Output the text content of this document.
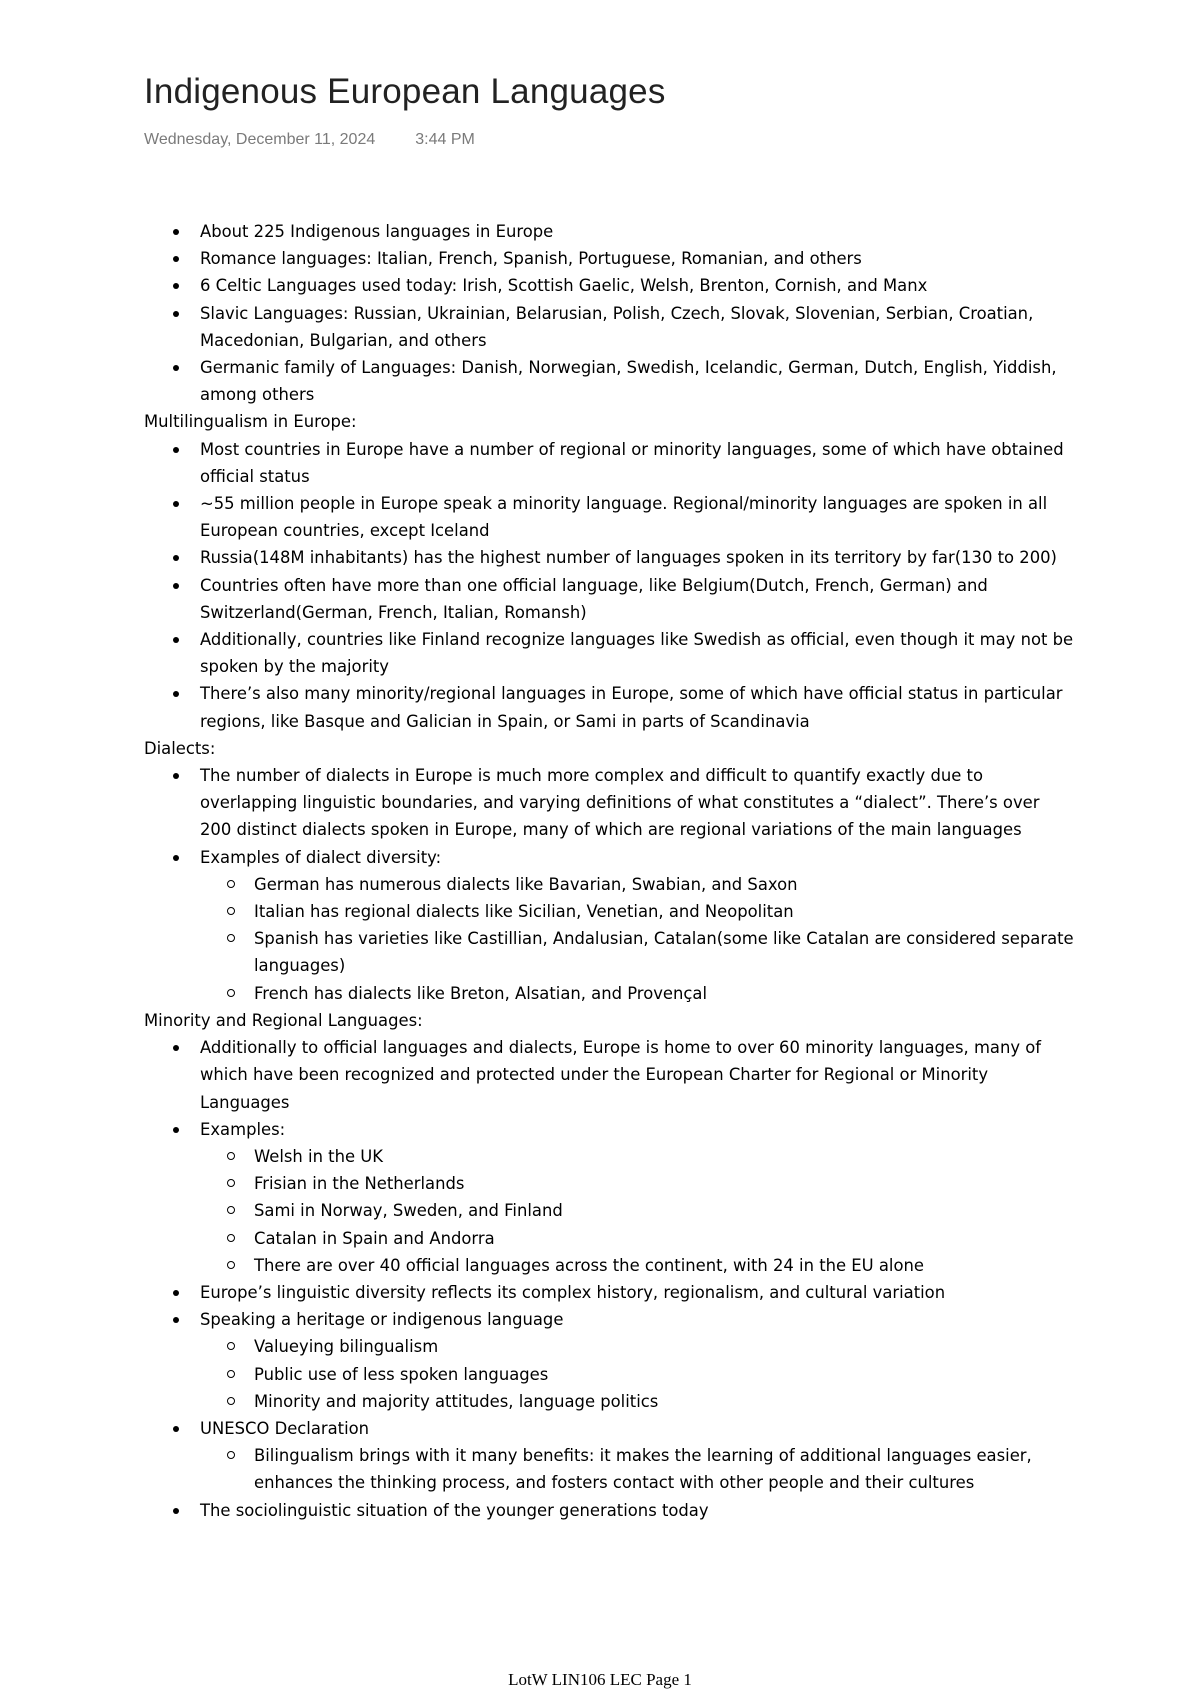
Indigenous European Languages
Wednesday, December 11, 2024	3:44 PM
About 225 Indigenous languages in Europe
Romance languages: Italian, French, Spanish, Portuguese, Romanian, and others
6 Celtic Languages used today: Irish, Scottish Gaelic, Welsh, Brenton, Cornish, and Manx
Slavic Languages: Russian, Ukrainian, Belarusian, Polish, Czech, Slovak, Slovenian, Serbian, Croatian, Macedonian, Bulgarian, and others
Germanic family of Languages: Danish, Norwegian, Swedish, Icelandic, German, Dutch, English, Yiddish, among others

Multilingualism in Europe:

Most countries in Europe have a number of regional or minority languages, some of which have obtained official status
~55 million people in Europe speak a minority language. Regional/minority languages are spoken in all European countries, except Iceland
Russia(148M inhabitants) has the highest number of languages spoken in its territory by far(130 to 200)
Countries often have more than one official language, like Belgium(Dutch, French, German) and Switzerland(German, French, Italian, Romansh)
Additionally, countries like Finland recognize languages like Swedish as official, even though it may not be spoken by the majority
There’s also many minority/regional languages in Europe, some of which have official status in particular regions, like Basque and Galician in Spain, or Sami in parts of Scandinavia

Dialects:

The number of dialects in Europe is much more complex and difficult to quantify exactly due to overlapping linguistic boundaries, and varying definitions of what constitutes a “dialect”. There’s over 200 distinct dialects spoken in Europe, many of which are regional variations of the main languages
Examples of dialect diversity:
German has numerous dialects like Bavarian, Swabian, and Saxon
Italian has regional dialects like Sicilian, Venetian, and Neopolitan
Spanish has varieties like Castillian, Andalusian, Catalan(some like Catalan are considered separate languages)
French has dialects like Breton, Alsatian, and Provençal

Minority and Regional Languages:

Additionally to official languages and dialects, Europe is home to over 60 minority languages, many of which have been recognized and protected under the European Charter for Regional or Minority Languages
Examples:
Welsh in the UK
Frisian in the Netherlands
Sami in Norway, Sweden, and Finland
Catalan in Spain and Andorra
There are over 40 official languages across the continent, with 24 in the EU alone
Europe’s linguistic diversity reflects its complex history, regionalism, and cultural variation
Speaking a heritage or indigenous language
Valueying bilingualism
Public use of less spoken languages
Minority and majority attitudes, language politics
UNESCO Declaration
Bilingualism brings with it many benefits: it makes the learning of additional languages easier, enhances the thinking process, and fosters contact with other people and their cultures
The sociolinguistic situation of the younger generations today
LotW LIN106 LEC Page 1
